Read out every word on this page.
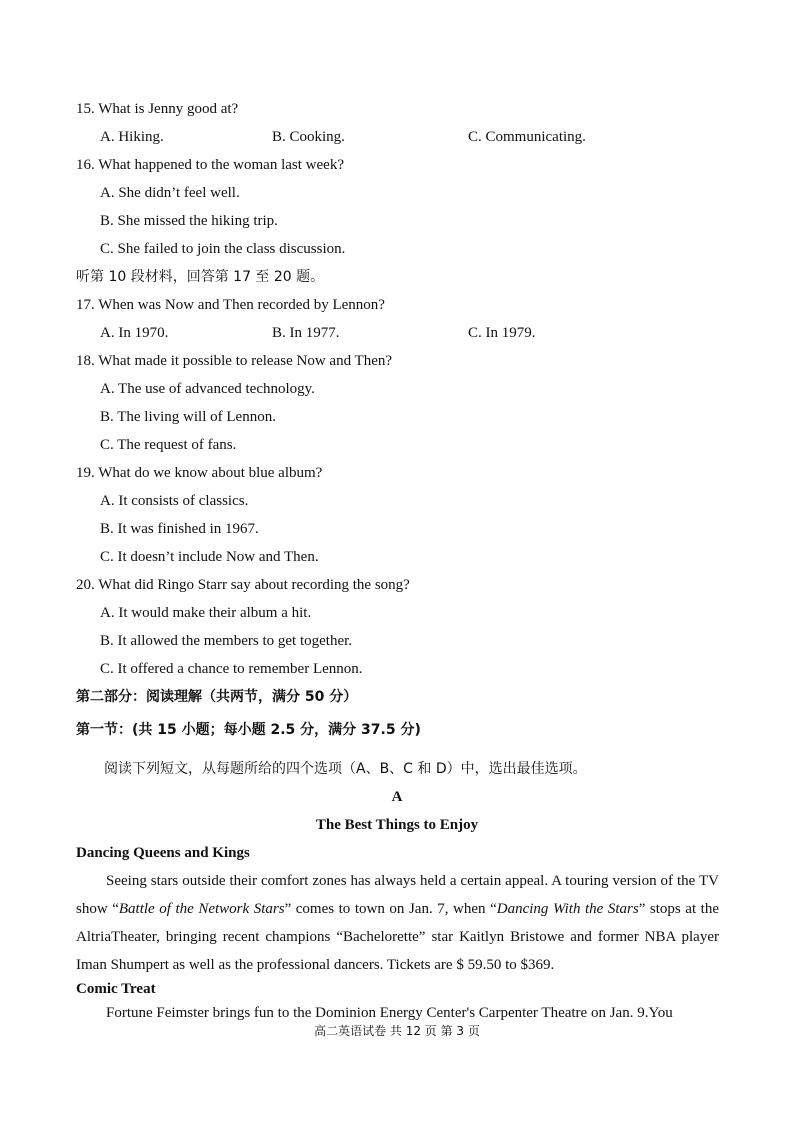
15. What is Jenny good at?
A. Hiking.	B. Cooking.	C. Communicating.
16. What happened to the woman last week?
A. She didn’t feel well.
B. She missed the hiking trip.
C. She failed to join the class discussion.
听第 10 段材料，回答第 17 至 20 题。
17. When was Now and Then recorded by Lennon?
A. In 1970.	B. In 1977.	C. In 1979.
18. What made it possible to release Now and Then?
A. The use of advanced technology.
B. The living will of Lennon.
C. The request of fans.
19. What do we know about blue album?
A. It consists of classics.
B. It was finished in 1967.
C. It doesn’t include Now and Then.
20. What did Ringo Starr say about recording the song?
A. It would make their album a hit.
B. It allowed the members to get together.
C. It offered a chance to remember Lennon.
第二部分：阅读理解（共两节，满分 50 分）
第一节：(共 15 小题；每小题 2.5 分，满分 37.5 分)
阅读下列短文，从每题所给的四个选项（A、B、C 和 D）中，选出最佳选项。
A
The Best Things to Enjoy
Dancing Queens and Kings
Seeing stars outside their comfort zones has always held a certain appeal. A touring version of the TV show “Battle of the Network Stars” comes to town on Jan. 7, when “Dancing With the Stars” stops at the AltriaTheater, bringing recent champions “Bachelorette” star Kaitlyn Bristowe and former NBA player Iman Shumpert as well as the professional dancers. Tickets are $ 59.50 to $369.
Comic Treat
Fortune Feimster brings fun to the Dominion Energy Center's Carpenter Theatre on Jan. 9.You
高二英语试卷 共 12 页 第 3 页
